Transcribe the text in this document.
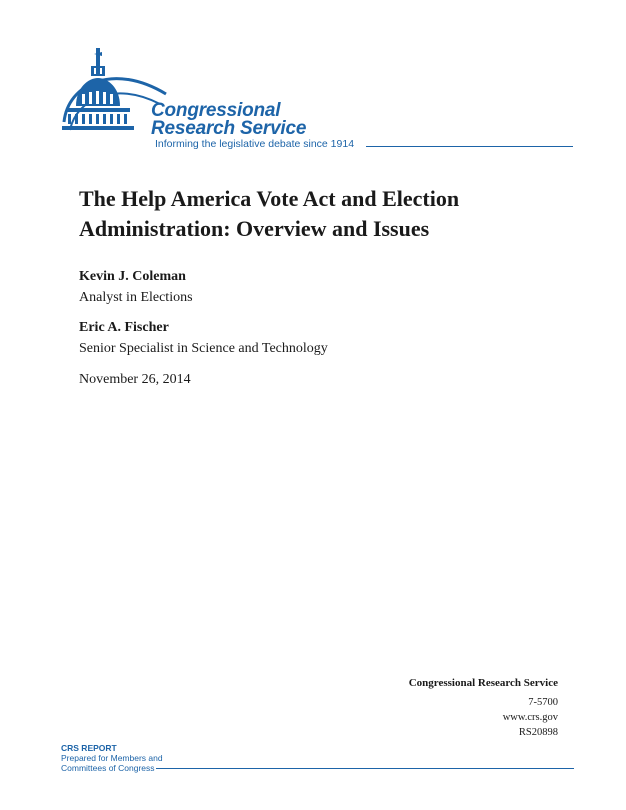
Congressional
Research Service
Informing the legislative debate since 1914
The Help America Vote Act and Election Administration: Overview and Issues
Kevin J. Coleman
Analyst in Elections
Eric A. Fischer
Senior Specialist in Science and Technology
November 26, 2014
Congressional Research Service
7-5700
www.crs.gov
RS20898
CRS REPORT
Prepared for Members and
Committees of Congress
